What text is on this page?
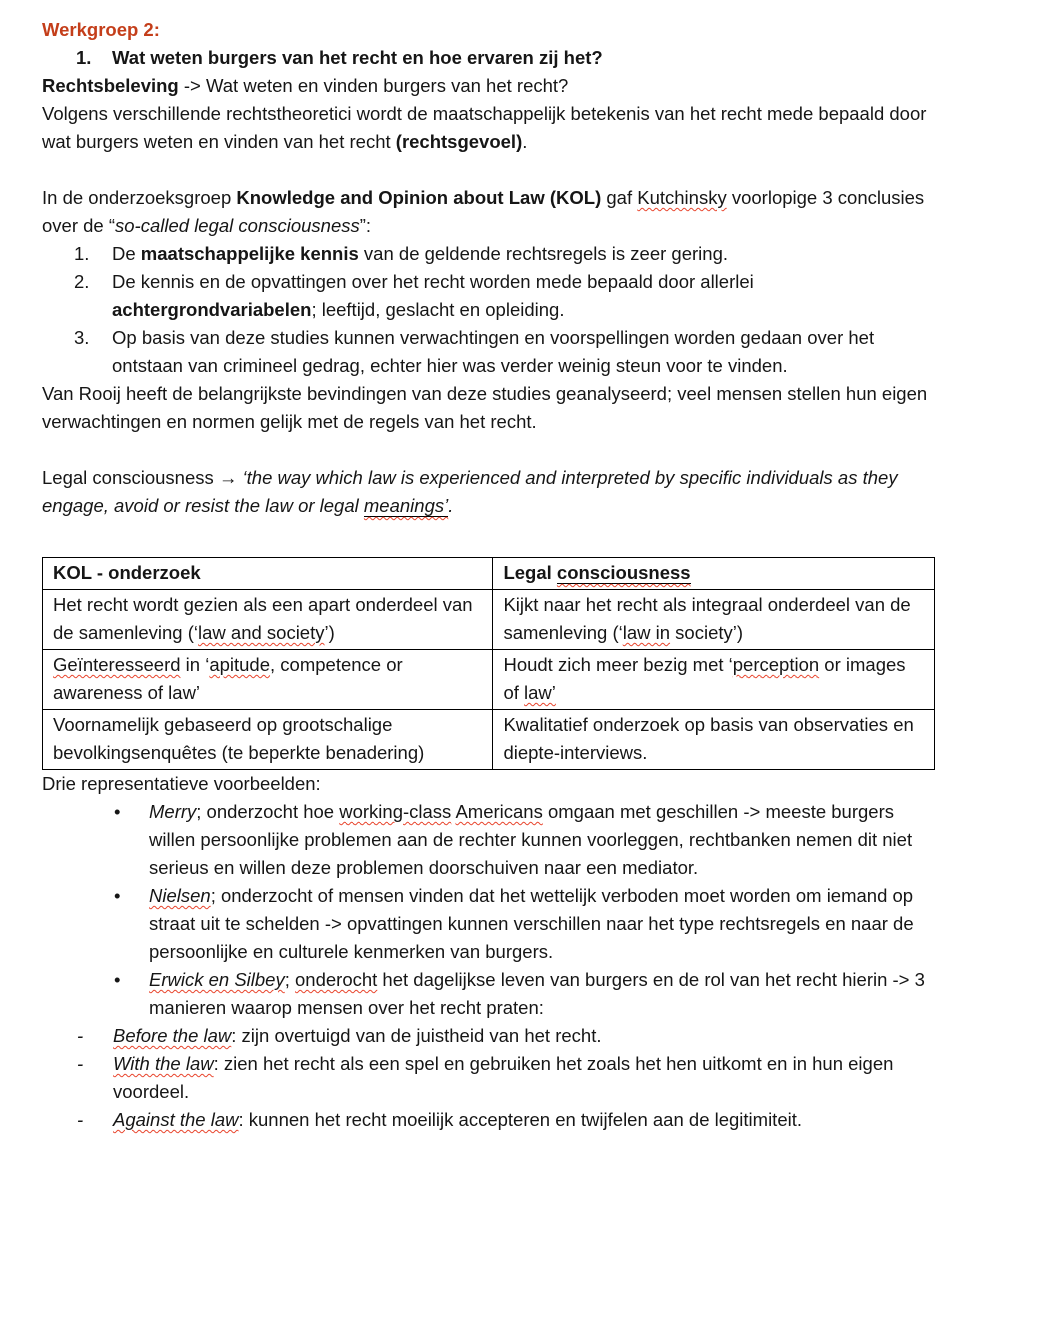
Werkgroep 2:

1.	Wat weten burgers van het recht en hoe ervaren zij het?

Rechtsbeleving -> Wat weten en vinden burgers van het recht?

Volgens verschillende rechtstheoretici wordt de maatschappelijk betekenis van het recht mede bepaald door wat burgers weten en vinden van het recht (rechtsgevoel).

In de onderzoeksgroep Knowledge and Opinion about Law (KOL) gaf Kutchinsky voorlopige 3 conclusies over de “so-called legal consciousness”:

1.	De maatschappelijke kennis van de geldende rechtsregels is zeer gering.
2.	De kennis en de opvattingen over het recht worden mede bepaald door allerlei achtergrondvariabelen; leeftijd, geslacht en opleiding.
3.	Op basis van deze studies kunnen verwachtingen en voorspellingen worden gedaan over het ontstaan van crimineel gedrag, echter hier was verder weinig steun voor te vinden.

Van Rooij heeft de belangrijkste bevindingen van deze studies geanalyseerd; veel mensen stellen hun eigen verwachtingen en normen gelijk met de regels van het recht.

Legal consciousness → ‘the way which law is experienced and interpreted by specific individuals as they engage, avoid or resist the law or legal meanings’.

KOL - onderzoek	Legal consciousness
Het recht wordt gezien als een apart onderdeel van de samenleving (‘law and society’)	Kijkt naar het recht als integraal onderdeel van de samenleving (‘law in society’)
Geïnteresseerd in ‘apitude, competence or awareness of law’	Houdt zich meer bezig met ‘perception or images of law’
Voornamelijk gebaseerd op grootschalige bevolkingsenquêtes (te beperkte benadering)	Kwalitatief onderzoek op basis van observaties en diepte-interviews.

Drie representatieve voorbeelden:

•	Merry; onderzocht hoe working-class Americans omgaan met geschillen -> meeste burgers willen persoonlijke problemen aan de rechter kunnen voorleggen, rechtbanken nemen dit niet serieus en willen deze problemen doorschuiven naar een mediator.
•	Nielsen; onderzocht of mensen vinden dat het wettelijk verboden moet worden om iemand op straat uit te schelden -> opvattingen kunnen verschillen naar het type rechtsregels en naar de persoonlijke en culturele kenmerken van burgers.
•	Erwick en Silbey; onderocht het dagelijkse leven van burgers en de rol van het recht hierin -> 3 manieren waarop mensen over het recht praten:
-	Before the law: zijn overtuigd van de juistheid van het recht.
-	With the law: zien het recht als een spel en gebruiken het zoals het hen uitkomt en in hun eigen voordeel.
-	Against the law: kunnen het recht moeilijk accepteren en twijfelen aan de legitimiteit.
